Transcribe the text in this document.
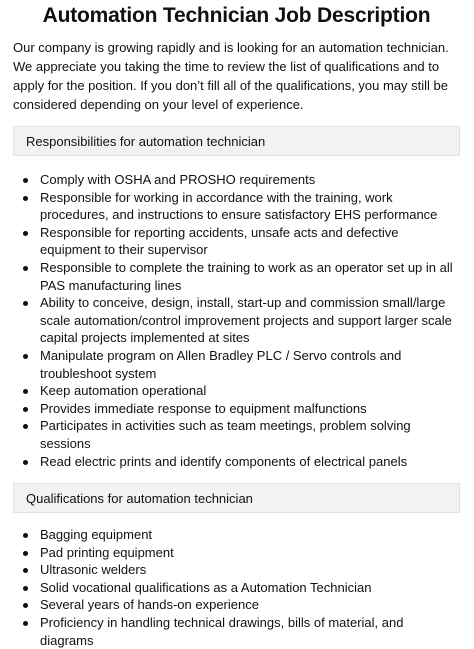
Automation Technician Job Description

Our company is growing rapidly and is looking for an automation technician. We appreciate you taking the time to review the list of qualifications and to apply for the position. If you don’t fill all of the qualifications, you may still be considered depending on your level of experience.

Responsibilities for automation technician
Comply with OSHA and PROSHO requirements
Responsible for working in accordance with the training, work procedures, and instructions to ensure satisfactory EHS performance
Responsible for reporting accidents, unsafe acts and defective equipment to their supervisor
Responsible to complete the training to work as an operator set up in all PAS manufacturing lines
Ability to conceive, design, install, start-up and commission small/large scale automation/control improvement projects and support larger scale capital projects implemented at sites
Manipulate program on Allen Bradley PLC / Servo controls and troubleshoot system
Keep automation operational
Provides immediate response to equipment malfunctions
Participates in activities such as team meetings, problem solving sessions
Read electric prints and identify components of electrical panels
Qualifications for automation technician
Bagging equipment
Pad printing equipment
Ultrasonic welders
Solid vocational qualifications as a Automation Technician
Several years of hands-on experience
Proficiency in handling technical drawings, bills of material, and diagrams
